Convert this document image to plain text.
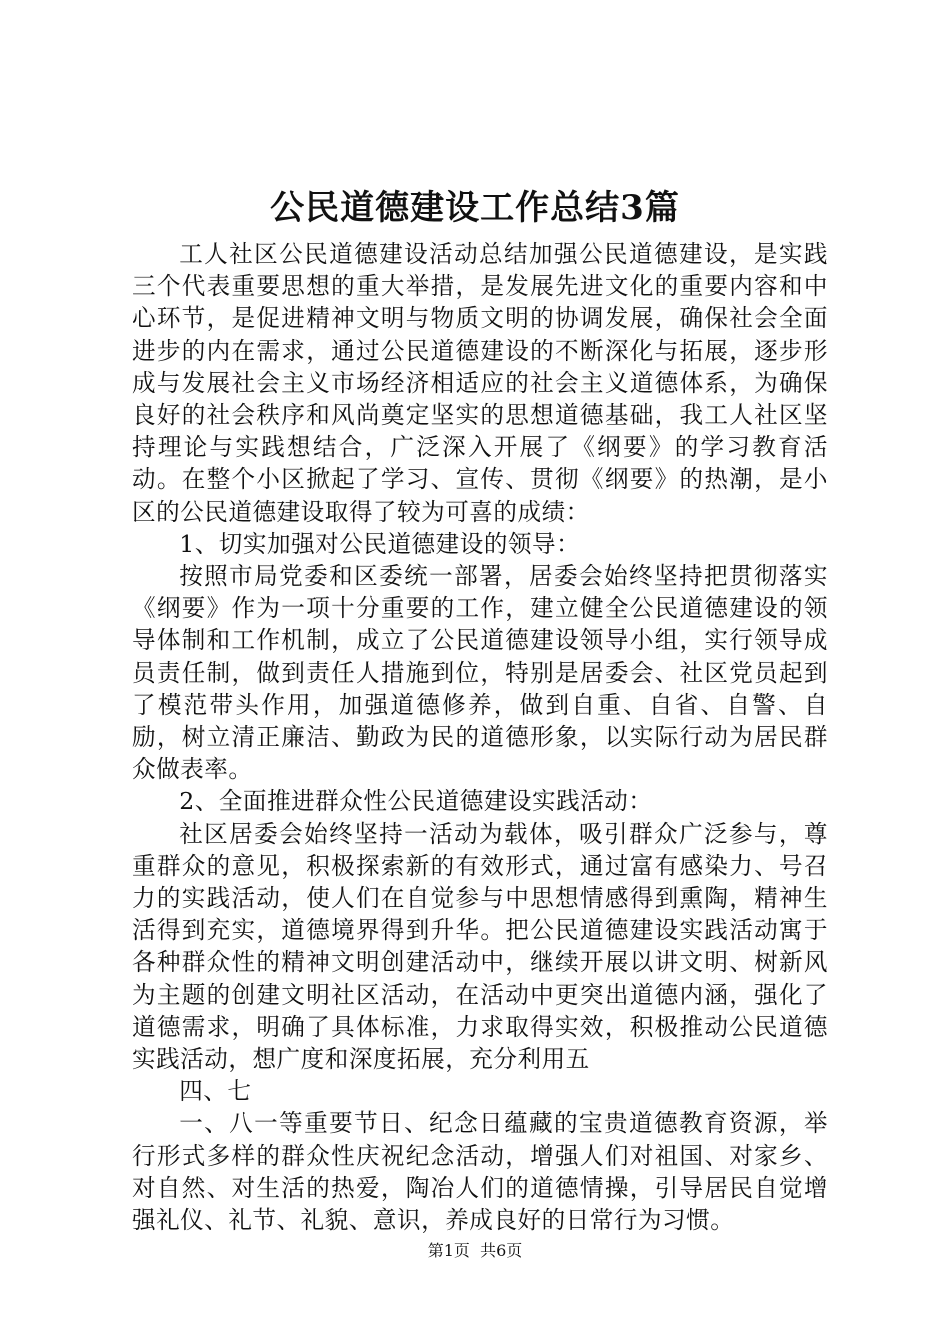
公民道德建设工作总结3篇

工人社区公民道德建设活动总结加强公民道德建设，是实践三个代表重要思想的重大举措，是发展先进文化的重要内容和中心环节，是促进精神文明与物质文明的协调发展，确保社会全面进步的内在需求，通过公民道德建设的不断深化与拓展，逐步形成与发展社会主义市场经济相适应的社会主义道德体系，为确保良好的社会秩序和风尚奠定坚实的思想道德基础，我工人社区坚持理论与实践想结合，广泛深入开展了《纲要》的学习教育活动。在整个小区掀起了学习、宣传、贯彻《纲要》的热潮，是小区的公民道德建设取得了较为可喜的成绩：

1、切实加强对公民道德建设的领导：

按照市局党委和区委统一部署，居委会始终坚持把贯彻落实《纲要》作为一项十分重要的工作，建立健全公民道德建设的领导体制和工作机制，成立了公民道德建设领导小组，实行领导成员责任制，做到责任人措施到位，特别是居委会、社区党员起到了模范带头作用，加强道德修养，做到自重、自省、自警、自励，树立清正廉洁、勤政为民的道德形象，以实际行动为居民群众做表率。

2、全面推进群众性公民道德建设实践活动：

社区居委会始终坚持一活动为载体，吸引群众广泛参与，尊重群众的意见，积极探索新的有效形式，通过富有感染力、号召力的实践活动，使人们在自觉参与中思想情感得到熏陶，精神生活得到充实，道德境界得到升华。把公民道德建设实践活动寓于各种群众性的精神文明创建活动中，继续开展以讲文明、树新风为主题的创建文明社区活动，在活动中更突出道德内涵，强化了道德需求，明确了具体标准，力求取得实效，积极推动公民道德实践活动，想广度和深度拓展，充分利用五

四、七

一、八一等重要节日、纪念日蕴藏的宝贵道德教育资源，举行形式多样的群众性庆祝纪念活动，增强人们对祖国、对家乡、对自然、对生活的热爱，陶冶人们的道德情操，引导居民自觉增强礼仪、礼节、礼貌、意识，养成良好的日常行为习惯。

第1页 共6页
